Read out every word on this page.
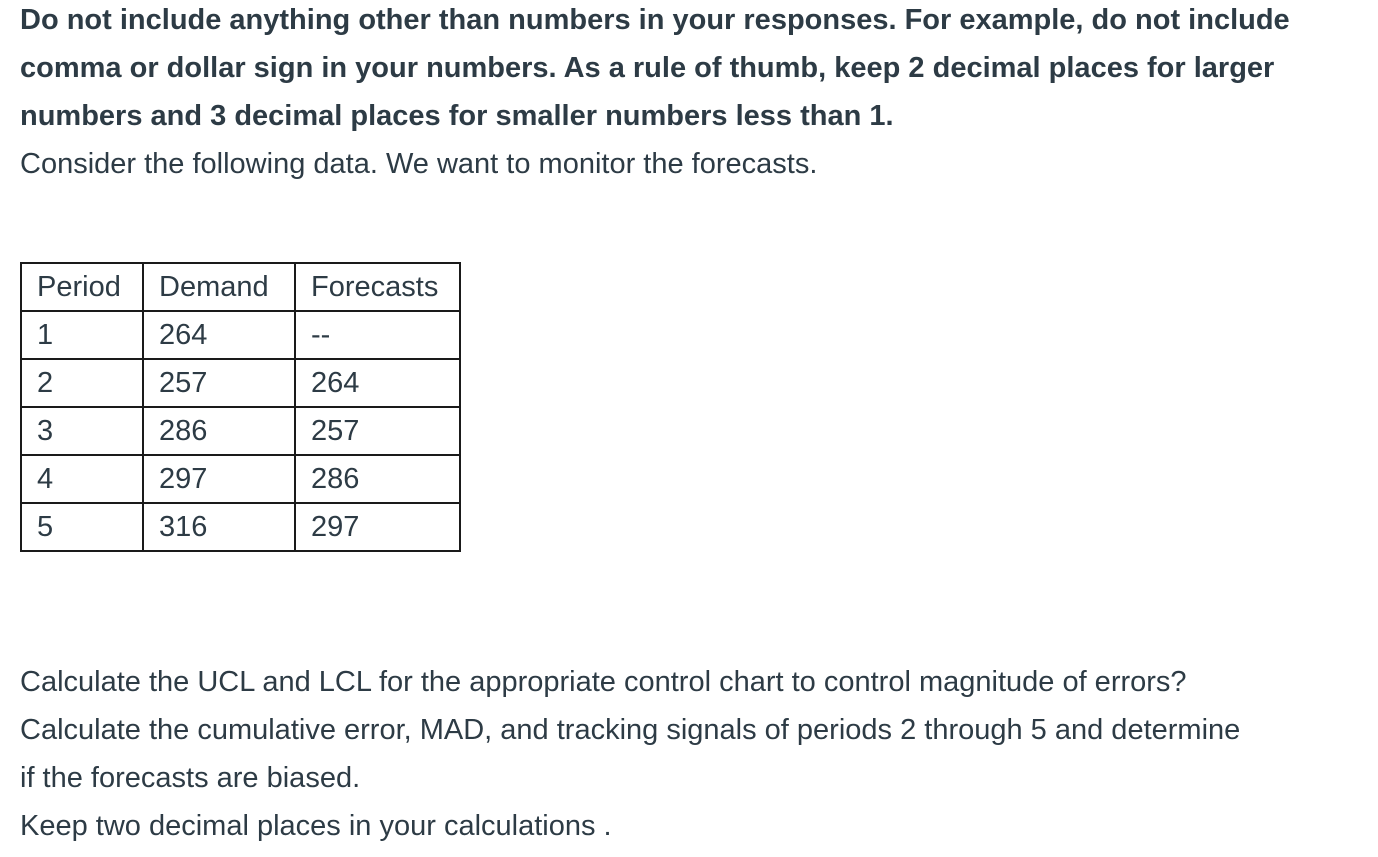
Do not include anything other than numbers in your responses. For example, do not include

comma or dollar sign in your numbers. As a rule of thumb, keep 2 decimal places for larger

numbers and 3 decimal places for smaller numbers less than 1.

Consider the following data. We want to monitor the forecasts.

Period	Demand	Forecasts
1	264	--
2	257	264
3	286	257
4	297	286
5	316	297

Calculate the UCL and LCL for the appropriate control chart to control magnitude of errors?

Calculate the cumulative error, MAD, and tracking signals of periods 2 through 5 and determine

if the forecasts are biased.

Keep two decimal places in your calculations .
